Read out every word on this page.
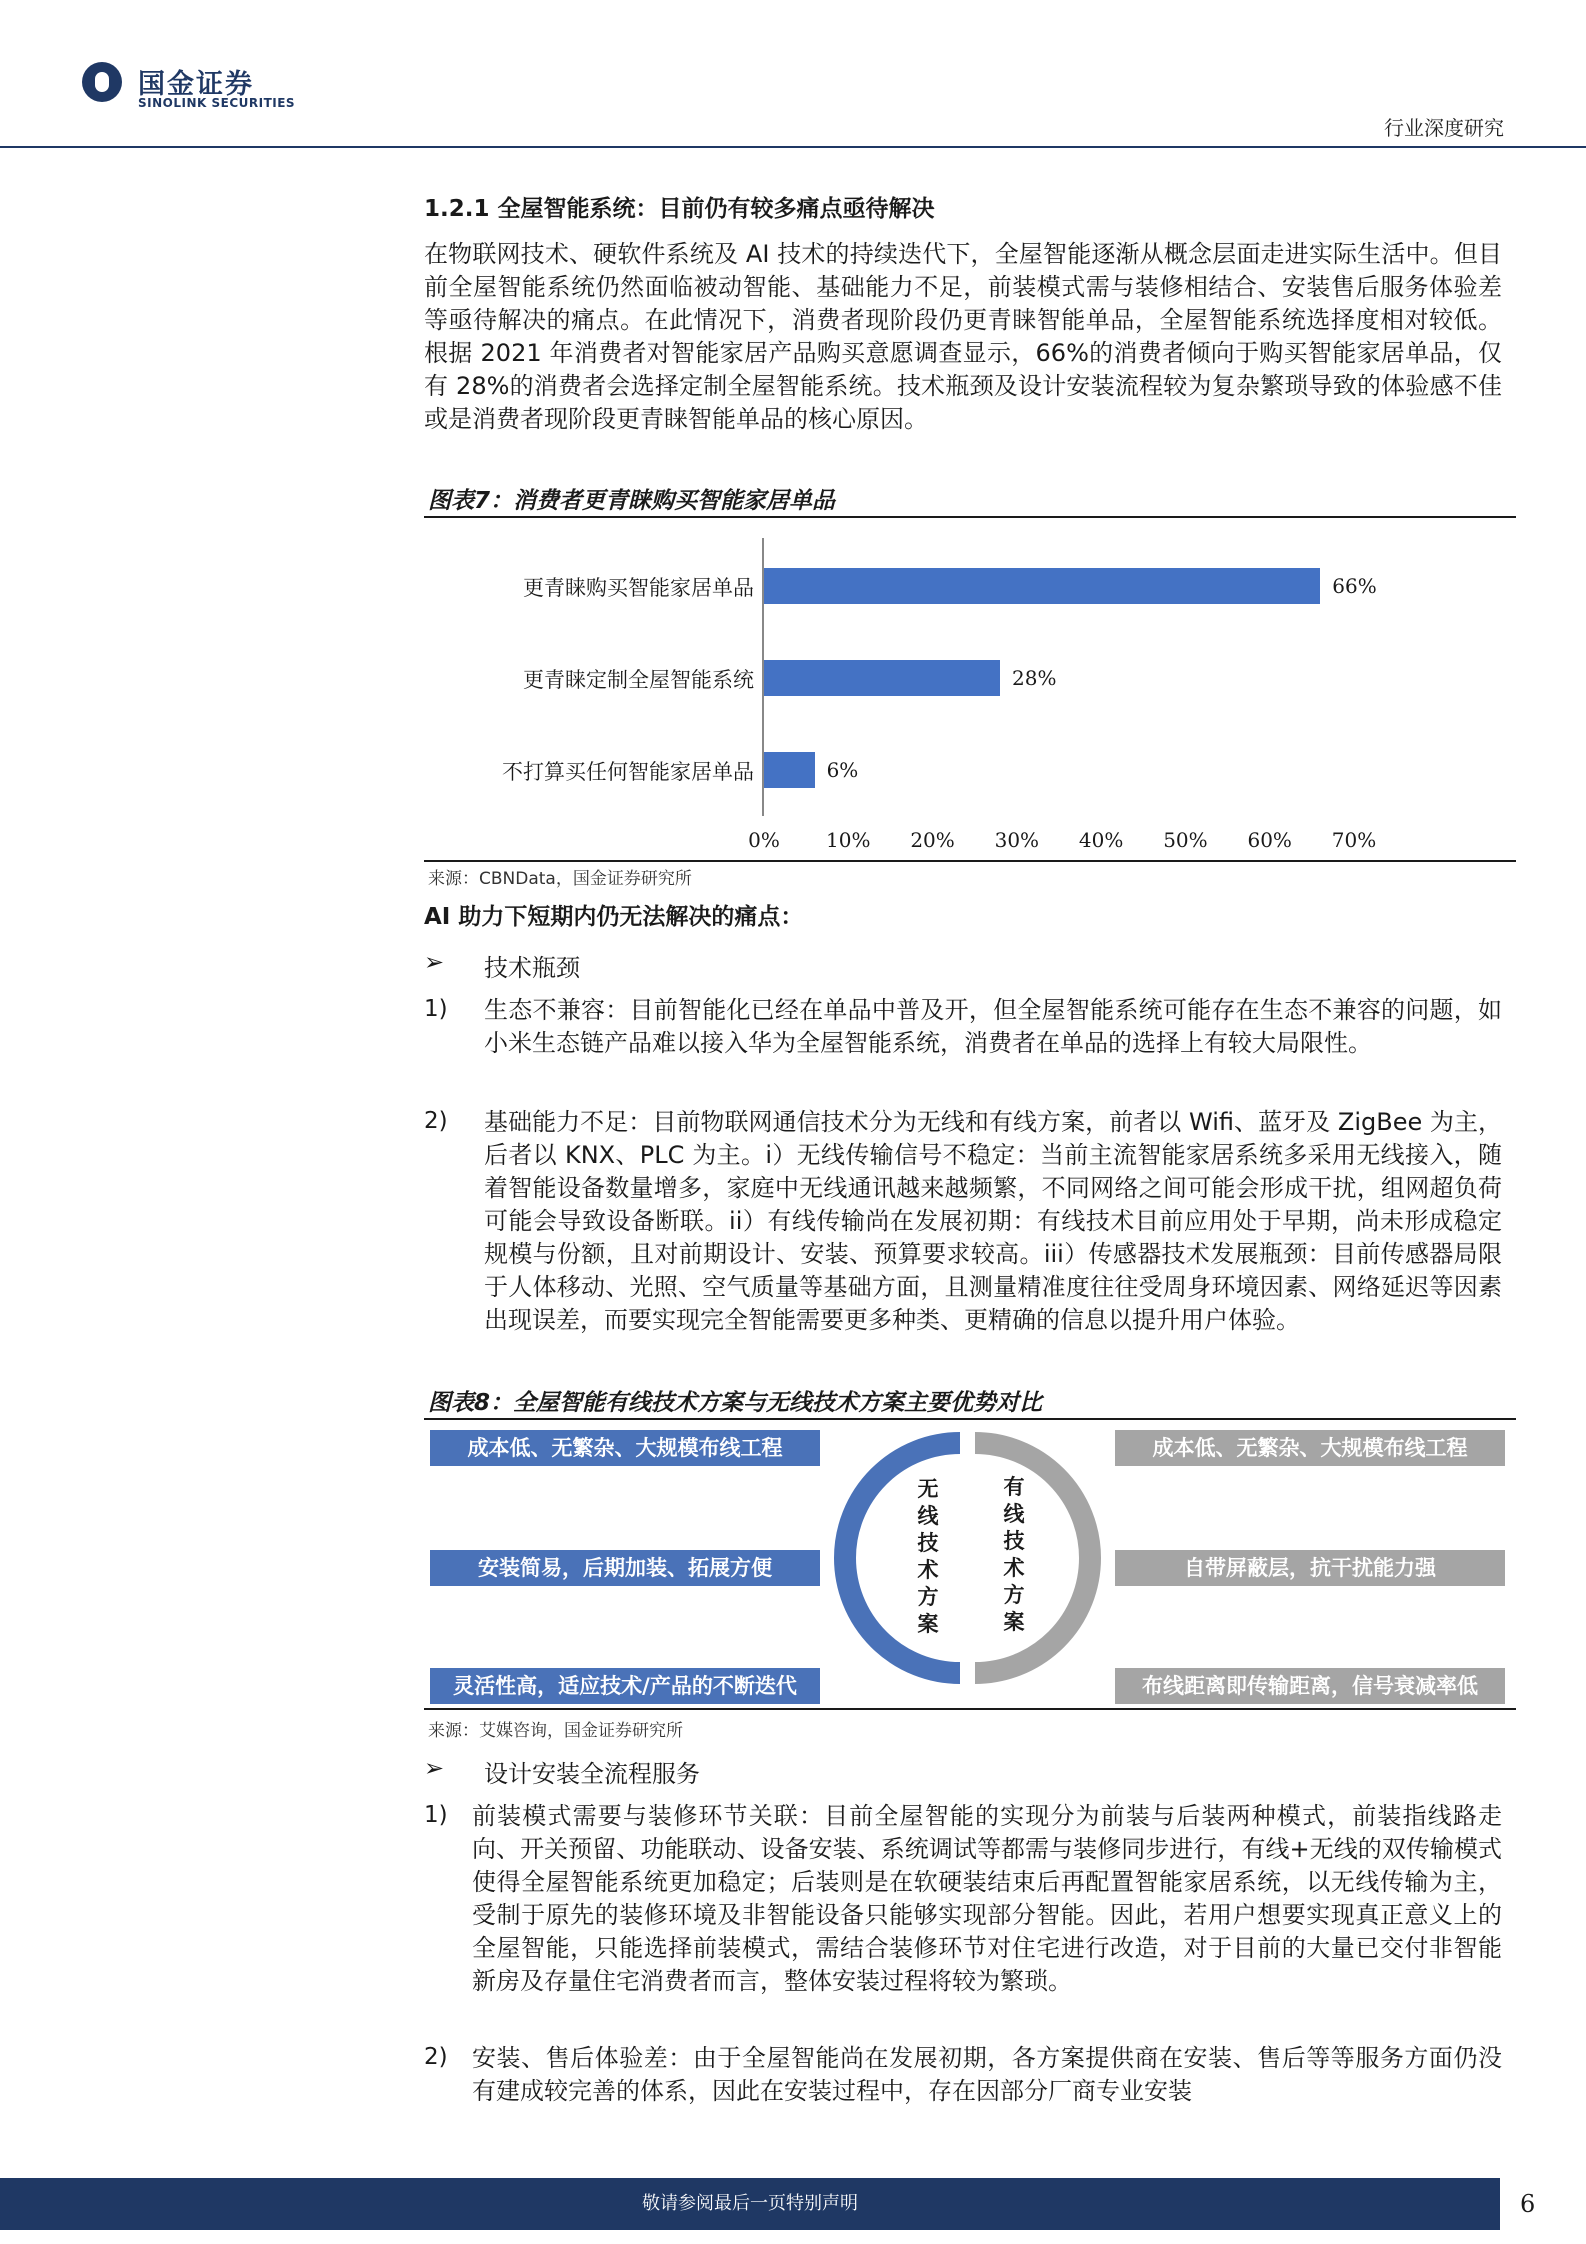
国金证券
SINOLINK SECURITIES
行业深度研究
1.2.1 全屋智能系统：目前仍有较多痛点亟待解决
在物联网技术、硬软件系统及 AI 技术的持续迭代下，全屋智能逐渐从概念层面走进实际生活中。但目前全屋智能系统仍然面临被动智能、基础能力不足，前装模式需与装修相结合、安装售后服务体验差等亟待解决的痛点。在此情况下，消费者现阶段仍更青睐智能单品，全屋智能系统选择度相对较低。根据 2021 年消费者对智能家居产品购买意愿调查显示，66%的消费者倾向于购买智能家居单品，仅有 28%的消费者会选择定制全屋智能系统。技术瓶颈及设计安装流程较为复杂繁琐导致的体验感不佳或是消费者现阶段更青睐智能单品的核心原因。
图表7：消费者更青睐购买智能家居单品
更青睐购买智能家居单品	66%
更青睐定制全屋智能系统	28%
不打算买任何智能家居单品	6%
0%	10%	20%	30%	40%	50%	60%	70%
来源：CBNData，国金证券研究所
AI 助力下短期内仍无法解决的痛点：
➢ 技术瓶颈
1) 生态不兼容：目前智能化已经在单品中普及开，但全屋智能系统可能存在生态不兼容的问题，如小米生态链产品难以接入华为全屋智能系统，消费者在单品的选择上有较大局限性。
2) 基础能力不足：目前物联网通信技术分为无线和有线方案，前者以 Wifi、蓝牙及 ZigBee 为主，后者以 KNX、PLC 为主。i）无线传输信号不稳定：当前主流智能家居系统多采用无线接入，随着智能设备数量增多，家庭中无线通讯越来越频繁，不同网络之间可能会形成干扰，组网超负荷可能会导致设备断联。ii）有线传输尚在发展初期：有线技术目前应用处于早期，尚未形成稳定规模与份额，且对前期设计、安装、预算要求较高。iii）传感器技术发展瓶颈：目前传感器局限于人体移动、光照、空气质量等基础方面，且测量精准度往往受周身环境因素、网络延迟等因素出现误差，而要实现完全智能需要更多种类、更精确的信息以提升用户体验。
图表8：全屋智能有线技术方案与无线技术方案主要优势对比
成本低、无繁杂、大规模布线工程
安装简易，后期加装、拓展方便
灵活性高，适应技术/产品的不断迭代
成本低、无繁杂、大规模布线工程
自带屏蔽层，抗干扰能力强
布线距离即传输距离，信号衰减率低
无
线
技
术
方
案
有
线
技
术
方
案
来源：艾媒咨询，国金证券研究所
➢ 设计安装全流程服务
1) 前装模式需要与装修环节关联：目前全屋智能的实现分为前装与后装两种模式，前装指线路走向、开关预留、功能联动、设备安装、系统调试等都需与装修同步进行，有线+无线的双传输模式使得全屋智能系统更加稳定；后装则是在软硬装结束后再配置智能家居系统，以无线传输为主，受制于原先的装修环境及非智能设备只能够实现部分智能。因此，若用户想要实现真正意义上的全屋智能，只能选择前装模式，需结合装修环节对住宅进行改造，对于目前的大量已交付非智能新房及存量住宅消费者而言，整体安装过程将较为繁琐。
2) 安装、售后体验差：由于全屋智能尚在发展初期，各方案提供商在安装、售后等等服务方面仍没有建成较完善的体系，因此在安装过程中，存在因部分厂商专业安装
敬请参阅最后一页特别声明	6
